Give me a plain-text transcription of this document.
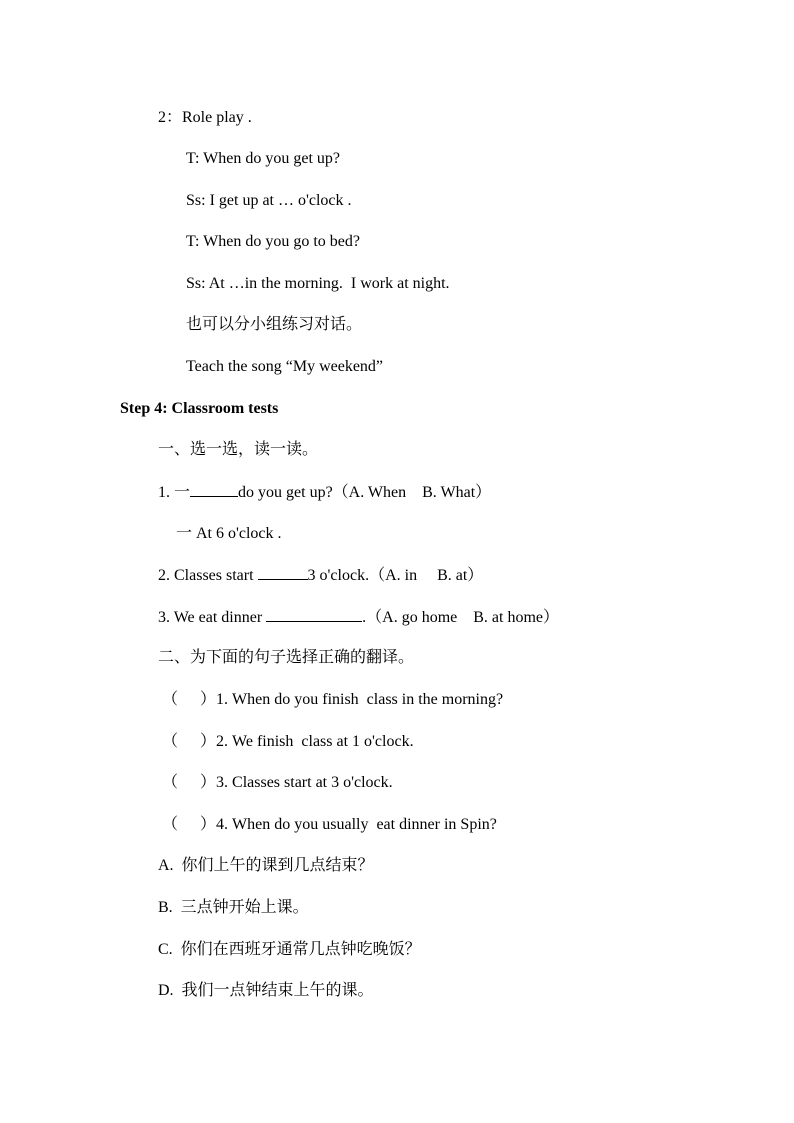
2：Role play .
T: When do you get up?
Ss: I get up at … o'clock .
T: When do you go to bed?
Ss: At …in the morning.  I work at night.
也可以分小组练习对话。
Teach the song “My weekend”
Step 4: Classroom tests
一、选一选，读一读。
1. 一	do you get up?（A. When    B. What）
一 At 6 o'clock .
2. Classes start	3 o'clock.（A. in     B. at）
3. We eat dinner	.（A. go home    B. at home）
二、为下面的句子选择正确的翻译。
（ ）1. When do you finish  class in the morning?
（ ）2. We finish  class at 1 o'clock.
（ ）3. Classes start at 3 o'clock.
（ ）4. When do you usually  eat dinner in Spin?
A.  你们上午的课到几点结束？
B.  三点钟开始上课。
C.  你们在西班牙通常几点钟吃晚饭？
D.  我们一点钟结束上午的课。
